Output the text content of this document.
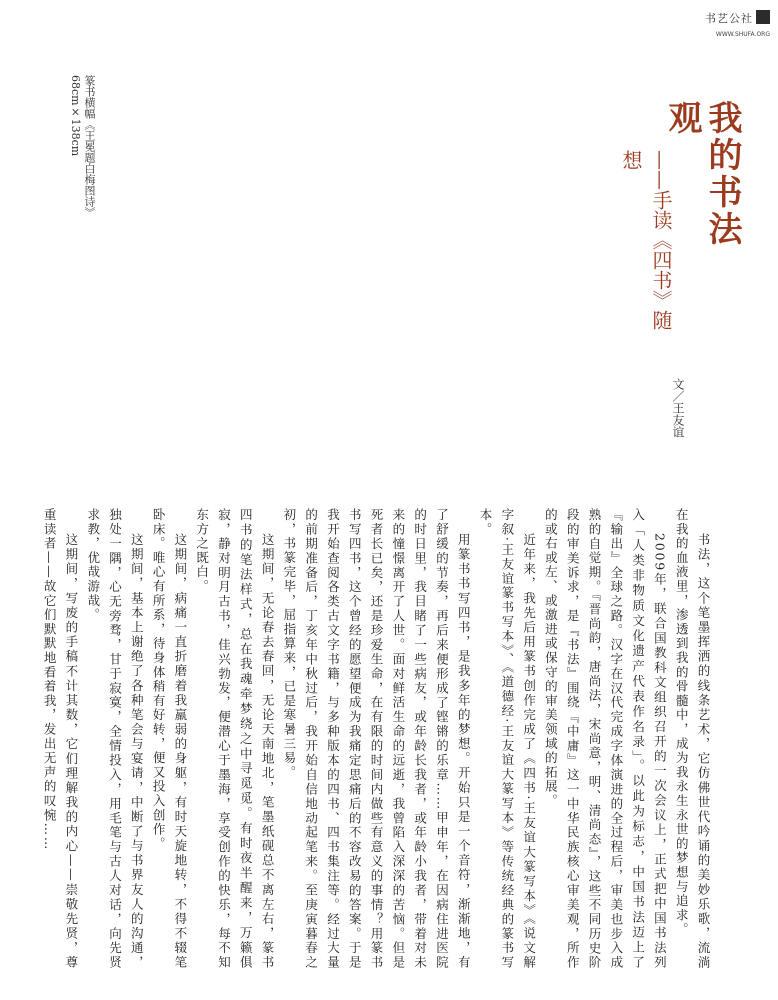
书艺公社
WWW.SHUFA.ORG
篆书横幅《王冕题白梅图诗》
68cm×138cm	我的书法观
——手读《四书》随想
文／王友谊

书法，这个笔墨挥洒的线条艺术，它仿佛世代吟诵的美妙乐歌，流淌在我的血液里，渗透到我的骨髓中，成为我永生永世的梦想与追求。

2009年，联合国教科文组织召开的一次会议上，正式把中国书法列入「人类非物质文化遗产代表作名录」。以此为标志，中国书法迈上了『输出』全球之路。汉字在汉代完成字体演进的全过程后，审美也步入成熟的自觉期。『晋尚韵，唐尚法，宋尚意，明、清尚态』，这些不同历史阶段的审美诉求，是『书法』围绕『中庸』这一中华民族核心审美观，所作的或右或左、或激进或保守的审美领域的拓展。

近年来，我先后用篆书创作完成了《四书·王友谊大篆写本》《说文解字叙·王友谊篆书写本》、《道德经·王友谊大篆写本》等传统经典的篆书写本。

用篆书书写四书，是我多年的梦想。开始只是一个音符，渐渐地，有了舒缓的节奏，再后来便形成了铿锵的乐章……甲申年，在因病住进医院的时日里，我目睹了一些病友，或年龄长我者，或年龄小我者，带着对未来的憧憬离开了人世。面对鲜活生命的远逝，我曾陷入深深的苦恼。但是死者长已矣，还是珍爱生命，在有限的时间内做些有意义的事情？用篆书书写四书，这个曾经的愿望便成为我痛定思痛后的不容改易的答案。于是我开始查阅各类古文字书籍，与多种版本的四书、四书集注等。经过大量的前期准备后，丁亥年中秋过后，我开始自信地动起笔来。至庚寅暮春之初，书篆完毕，屈指算来，已是寒暑三易。

这期间，无论春去春回，无论天南地北，笔墨纸砚总不离左右，篆书四书的笔法样式，总在我魂牵梦绕之中寻觅觅。有时夜半醒来，万籁俱寂，静对明月古书，佳兴勃发，便潜心于墨海，享受创作的快乐，每不知东方之既白。

这期间，病痛一直折磨着我羸弱的身躯，有时天旋地转，不得不辍笔卧床。唯心有所系，待身体稍有好转，便又投入创作。

这期间，基本上谢绝了各种笔会与宴请，中断了与书界友人的沟通，独处一隅，心无旁骛，甘于寂寞，全情投入，用毛笔与古人对话，向先贤求教，优哉游哉。

这期间，写废的手稿不计其数，它们理解我的内心——崇敬先贤，尊重读者——故它们默默地看着我，发出无声的叹惋……
